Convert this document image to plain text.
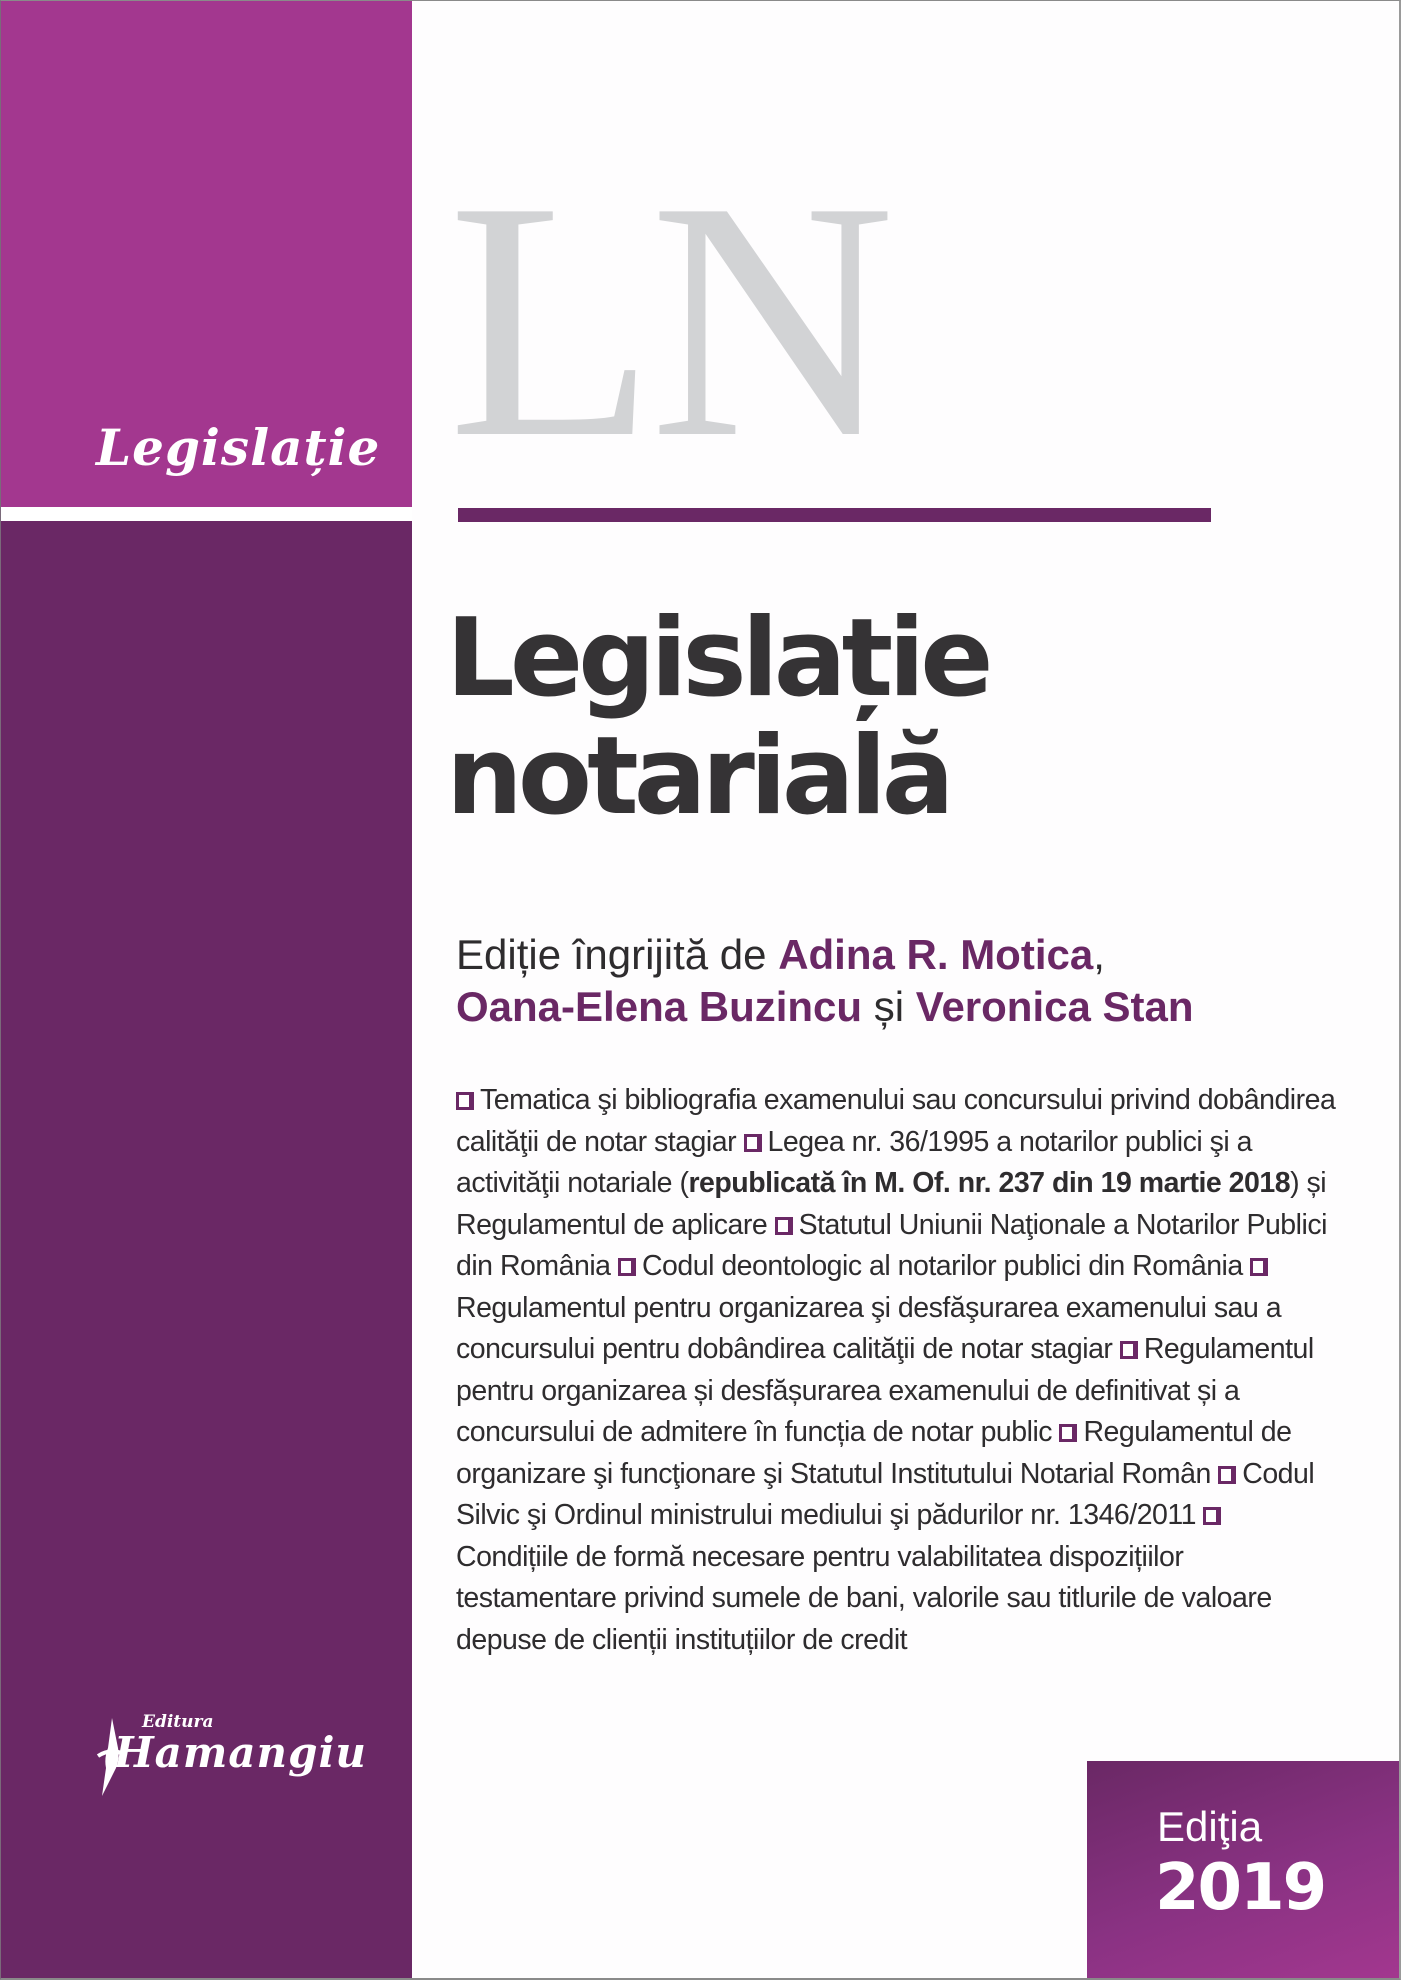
Legislație LN
Legislație
notarială
Ediție îngrijită de Adina R. Motica,
Oana-Elena Buzincu și Veronica Stan
Tematica şi bibliografia examenului sau concursului privind dobândirea calităţii de notar stagiar Legea nr. 36/1995 a notarilor publici şi a activităţii notariale (republicată în M. Of. nr. 237 din 19 martie 2018) și Regulamentul de aplicare Statutul Uniunii Naţionale a Notarilor Publici din România Codul deontologic al notarilor publici din România Regulamentul pentru organizarea şi desfăşurarea examenului sau a concursului pentru dobândirea calităţii de notar stagiar Regulamentul pentru organizarea și desfășurarea examenului de definitivat și a concursului de admitere în funcția de notar public Regulamentul de organizare şi funcţionare şi Statutul Institutului Notarial Român Codul Silvic şi Ordinul ministrului mediului şi pădurilor nr. 1346/2011 Condițiile de formă necesare pentru valabilitatea dispozițiilor testamentare privind sumele de bani, valorile sau titlurile de valoare depuse de clienții instituțiilor de credit
Editura
Hamangiu
Ediţia
2019
